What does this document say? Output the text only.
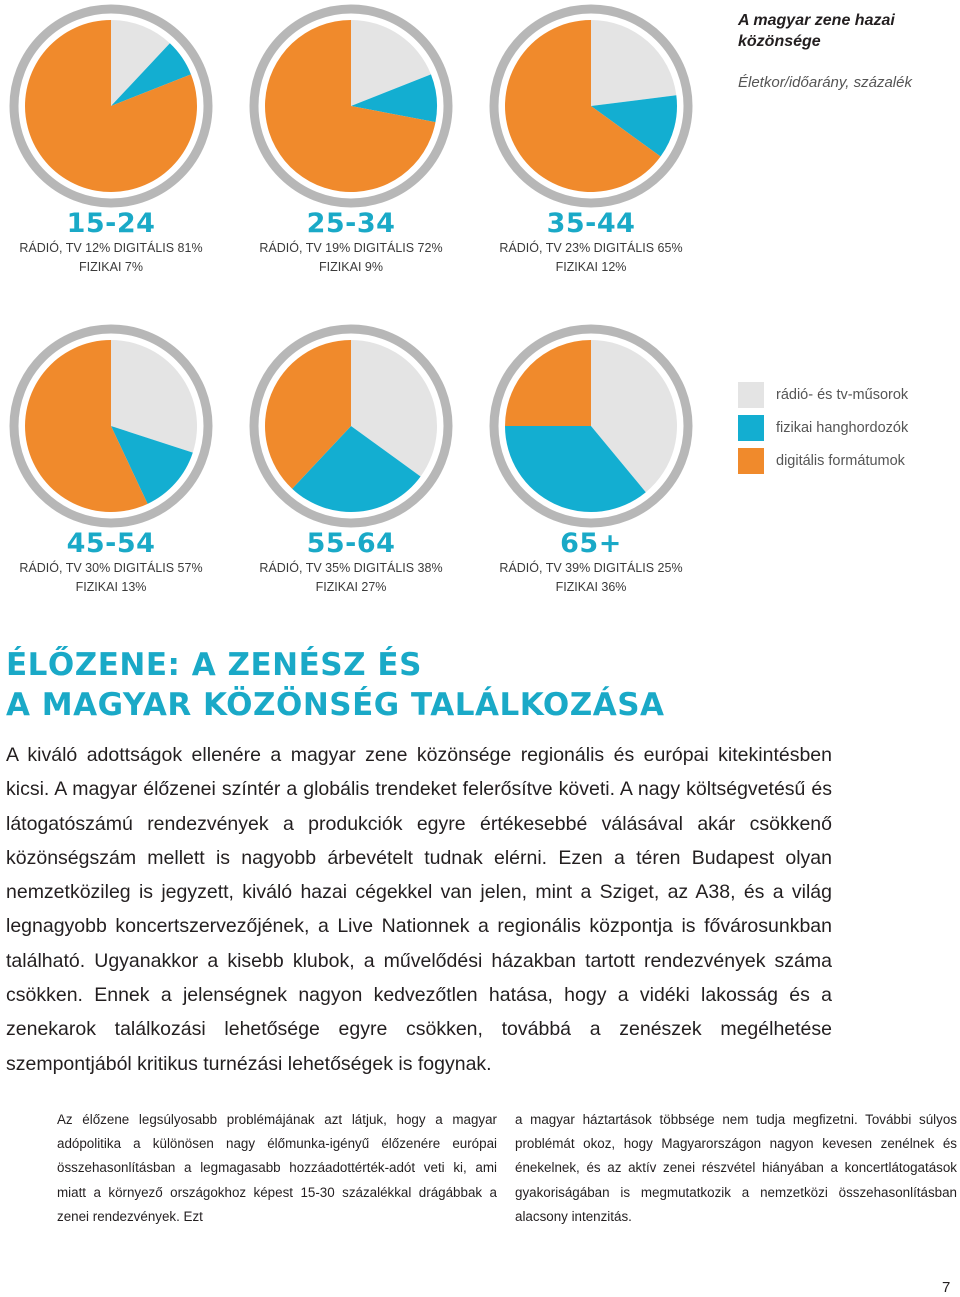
A magyar zene hazai közönsége
Életkor/időarány, százalék
15-24
RÁDIÓ, TV 12% DIGITÁLIS 81%
FIZIKAI 7%
25-34
RÁDIÓ, TV 19% DIGITÁLIS 72%
FIZIKAI 9%
35-44
RÁDIÓ, TV 23% DIGITÁLIS 65%
FIZIKAI 12%
45-54
RÁDIÓ, TV 30% DIGITÁLIS 57%
FIZIKAI 13%
55-64
RÁDIÓ, TV 35% DIGITÁLIS 38%
FIZIKAI 27%
65+
RÁDIÓ, TV 39% DIGITÁLIS 25%
FIZIKAI 36%
rádió- és tv-műsorok
fizikai hanghordozók
digitális formátumok
ÉLŐZENE: A ZENÉSZ ÉS
A MAGYAR KÖZÖNSÉG TALÁLKOZÁSA
A kiváló adottságok ellenére a magyar zene közönsége regionális és európai kitekintésben kicsi. A magyar élőzenei színtér a globális trendeket felerősítve követi. A nagy költségvetésű és látogatószámú rendezvények a produkciók egyre értékesebbé válásával akár csökkenő közönségszám mellett is nagyobb árbevételt tudnak elérni. Ezen a téren Budapest olyan nemzetközileg is jegyzett, kiváló hazai cégekkel van jelen, mint a Sziget, az A38, és a világ legnagyobb koncertszervezőjének, a Live Nationnek a regionális központja is fővárosunkban található. Ugyanakkor a kisebb klubok, a művelődési házakban tartott rendezvények száma csökken. Ennek a jelenségnek nagyon kedvezőtlen hatása, hogy a vidéki lakosság és a zenekarok találkozási lehetősége egyre csökken, továbbá a zenészek megélhetése szempontjából kritikus turnézási lehetőségek is fogynak.
Az élőzene legsúlyosabb problémájának azt látjuk, hogy a magyar adópolitika a különösen nagy élőmunka-igényű élőzenére európai összehasonlításban a legmagasabb hozzáadottérték-adót veti ki, ami miatt a környező országokhoz képest 15-30 százalékkal drágábbak a zenei rendezvények. Ezt
a magyar háztartások többsége nem tudja megfizetni. További súlyos problémát okoz, hogy Magyarországon nagyon kevesen zenélnek és énekelnek, és az aktív zenei részvétel hiányában a koncertlátogatások gyakoriságában is megmutatkozik a nemzetközi összehasonlításban alacsony intenzitás.
7
